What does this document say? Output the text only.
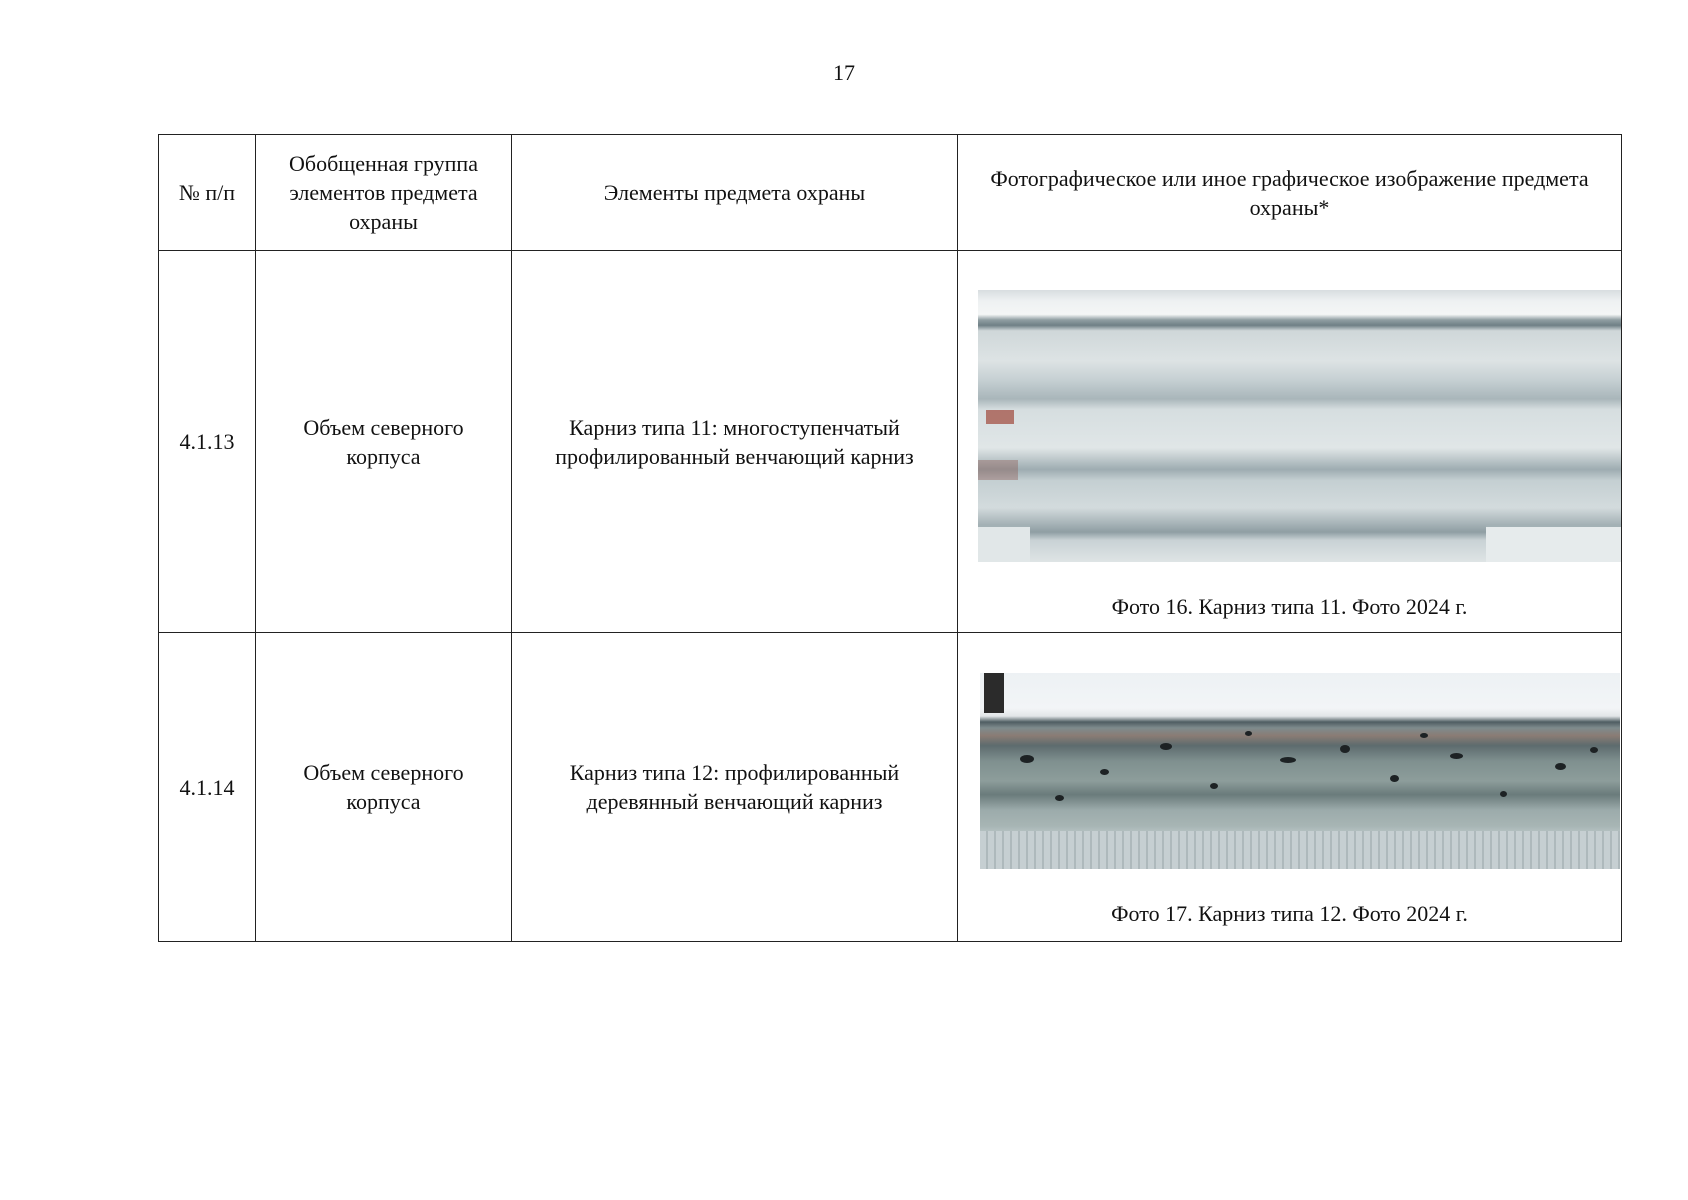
17
№ п/п	Обобщенная группа элементов предмета охраны	Элементы предмета охраны	Фотографическое или иное графическое изображение предмета охраны*
4.1.13	Объем северного корпуса	Карниз типа 11: многоступенчатый профилированный венчающий карниз	Фото 16. Карниз типа 11. Фото 2024 г.

4.1.14	Объем северного корпуса	Карниз типа 12: профилированный деревянный венчающий карниз	Фото 17. Карниз типа 12. Фото 2024 г.
